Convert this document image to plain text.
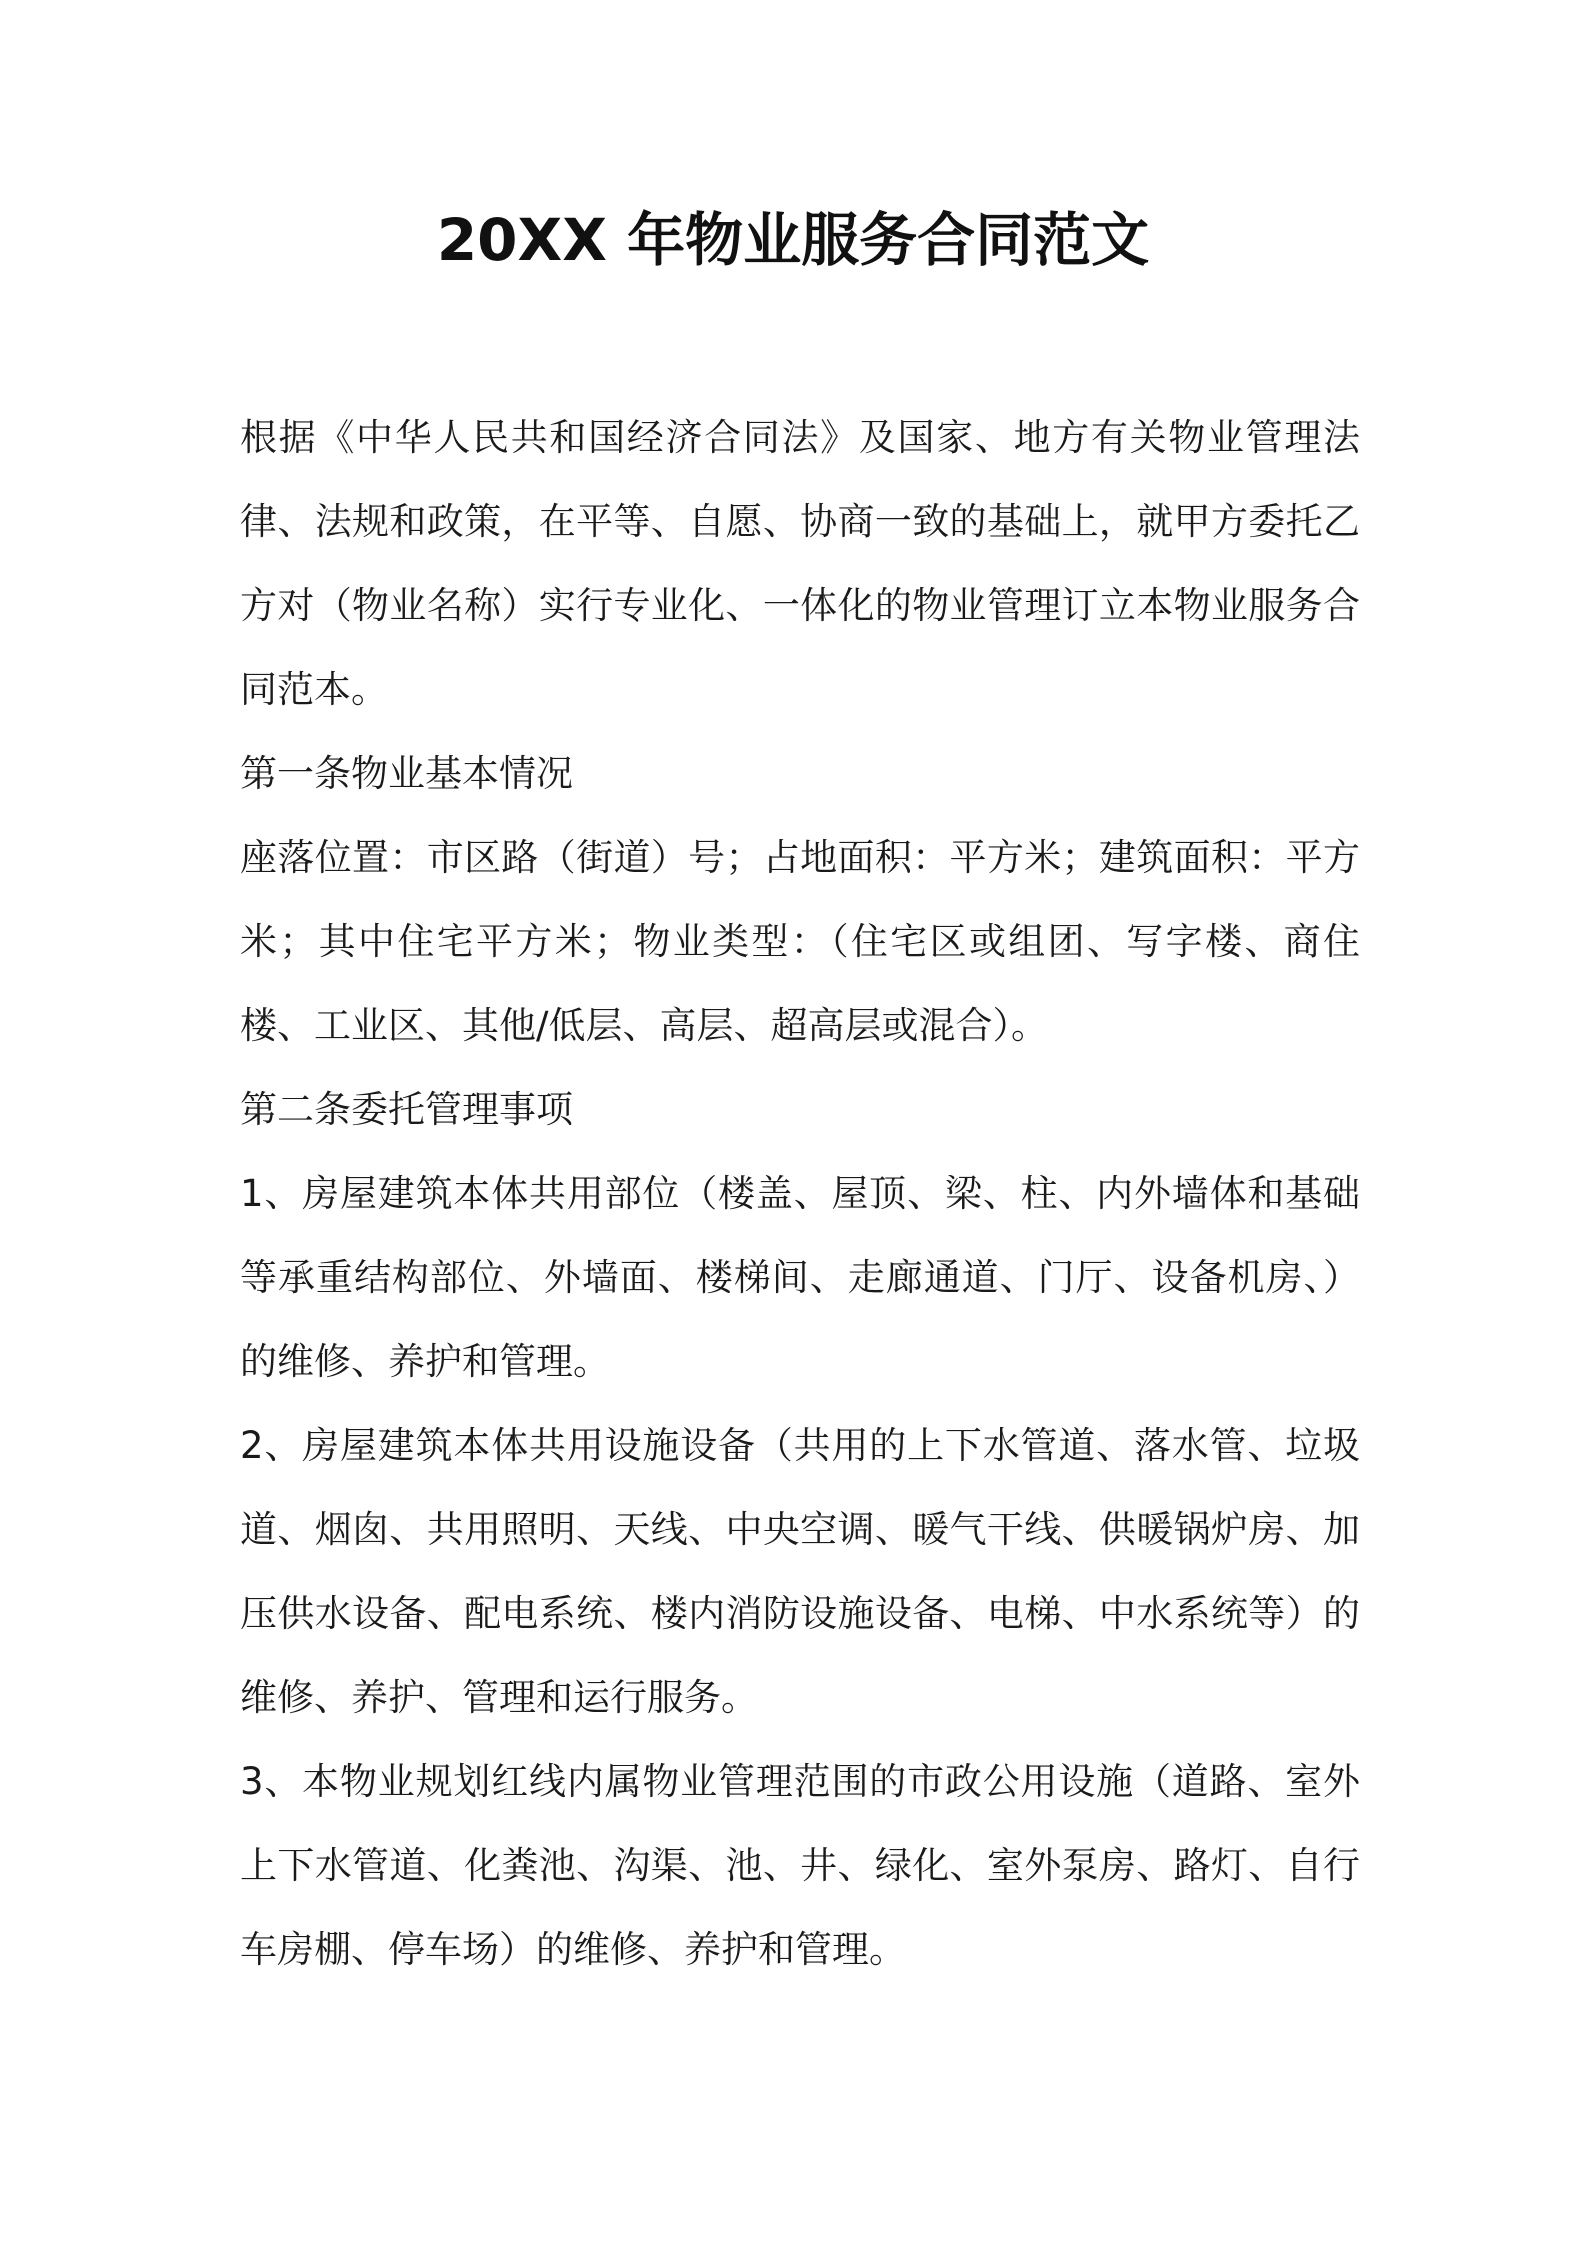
20XX 年物业服务合同范文

根据《中华人民共和国经济合同法》及国家、地方有关物业管理法律、法规和政策，在平等、自愿、协商一致的基础上，就甲方委托乙方对（物业名称）实行专业化、一体化的物业管理订立本物业服务合同范本。

第一条物业基本情况

座落位置：市区路（街道）号；占地面积：平方米；建筑面积：平方米；其中住宅平方米；物业类型：（住宅区或组团、写字楼、商住楼、工业区、其他/低层、高层、超高层或混合）。

第二条委托管理事项

1、房屋建筑本体共用部位（楼盖、屋顶、梁、柱、内外墙体和基础等承重结构部位、外墙面、楼梯间、走廊通道、门厅、设备机房、）的维修、养护和管理。

2、房屋建筑本体共用设施设备（共用的上下水管道、落水管、垃圾道、烟囱、共用照明、天线、中央空调、暖气干线、供暖锅炉房、加压供水设备、配电系统、楼内消防设施设备、电梯、中水系统等）的维修、养护、管理和运行服务。

3、本物业规划红线内属物业管理范围的市政公用设施（道路、室外上下水管道、化粪池、沟渠、池、井、绿化、室外泵房、路灯、自行车房棚、停车场）的维修、养护和管理。
